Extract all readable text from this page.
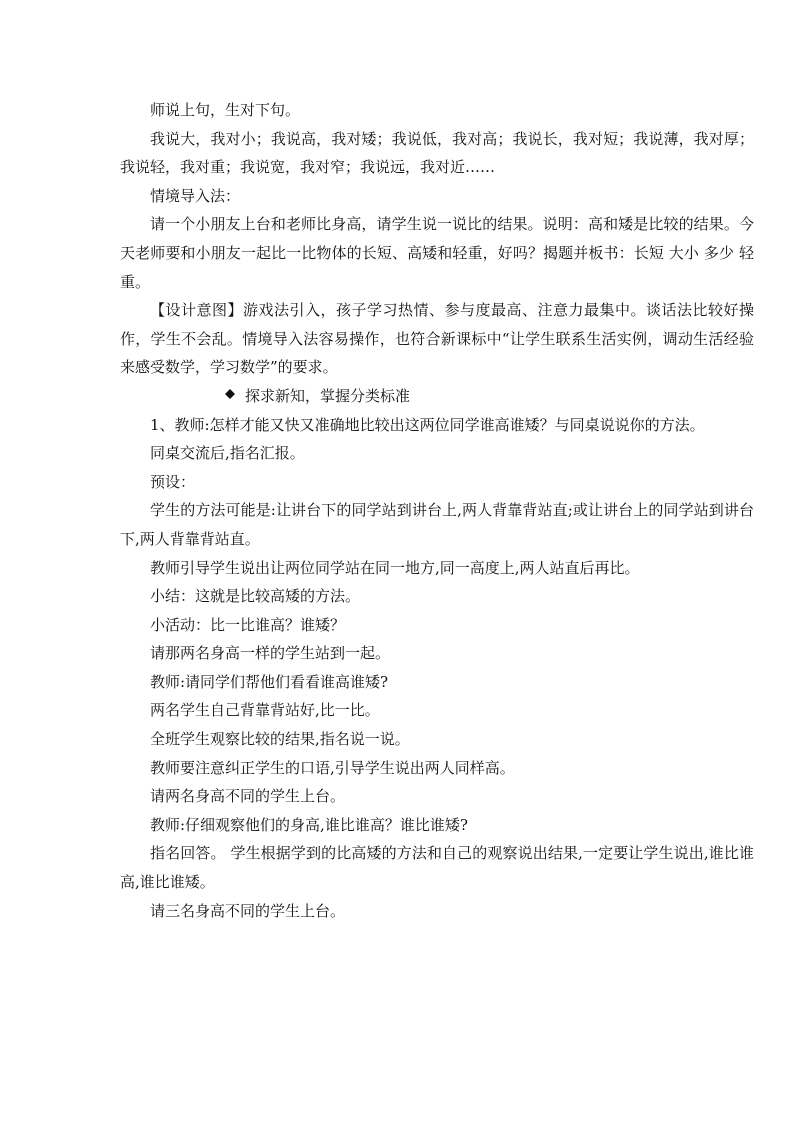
师说上句，生对下句。

我说大，我对小；我说高，我对矮；我说低，我对高；我说长，我对短；我说薄，我对厚；我说轻，我对重；我说宽，我对窄；我说远，我对近……

情境导入法：

请一个小朋友上台和老师比身高，请学生说一说比的结果。说明：高和矮是比较的结果。今天老师要和小朋友一起比一比物体的长短、高矮和轻重，好吗？揭题并板书：长短 大小 多少 轻重。

【设计意图】游戏法引入，孩子学习热情、参与度最高、注意力最集中。谈话法比较好操作，学生不会乱。情境导入法容易操作，也符合新课标中“让学生联系生活实例，调动生活经验来感受数学，学习数学”的要求。

探求新知，掌握分类标准

1、教师:怎样才能又快又准确地比较出这两位同学谁高谁矮？与同桌说说你的方法。

同桌交流后,指名汇报。

预设：

学生的方法可能是:让讲台下的同学站到讲台上,两人背靠背站直;或让讲台上的同学站到讲台下,两人背靠背站直。

教师引导学生说出让两位同学站在同一地方,同一高度上,两人站直后再比。

小结：这就是比较高矮的方法。

小活动：比一比谁高？谁矮？

请那两名身高一样的学生站到一起。

教师:请同学们帮他们看看谁高谁矮?

两名学生自己背靠背站好,比一比。

全班学生观察比较的结果,指名说一说。

教师要注意纠正学生的口语,引导学生说出两人同样高。

请两名身高不同的学生上台。

教师:仔细观察他们的身高,谁比谁高？谁比谁矮?

指名回答。 学生根据学到的比高矮的方法和自己的观察说出结果,一定要让学生说出,谁比谁高,谁比谁矮。

请三名身高不同的学生上台。
